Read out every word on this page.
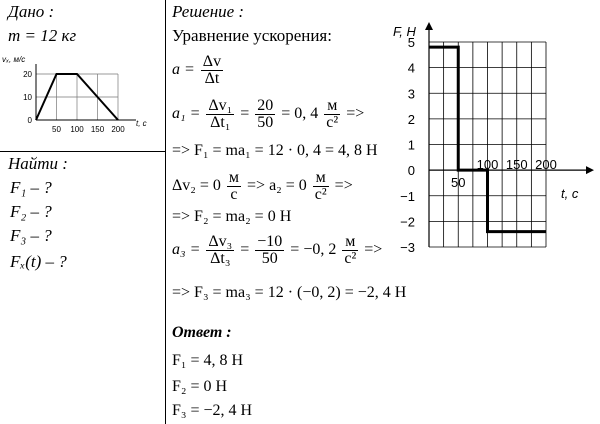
Дано :
m = 12 кг
50 100 150 200
0
10
20
vₓ, м/с
t, с
Найти :
F₁ – ?
F₂ – ?
F₃ – ?
Fₓ(t) – ?
Решение :
Уравнение ускорения:
$a = \frac{\Delta v}{\Delta t}$
$a_1 = \frac{\text{Δv₁}}{\text{Δt₁}} = \frac{20}{50} = 0$, $4 \frac{м}{\text{с²}}$ =>
=> F₁ = ma₁ = 12 · 0, 4 = 4, 8 Н
$\Delta v_2 = 0 \frac{м}{с} => a_2 = 0 \frac{м}{\text{с²}}$ =>
=> F₂ = ma₂ = 0 Н
$a_3 = \frac{\text{Δv₃}}{\text{Δt₃}} = \frac{-10}{50} = -0$, $2 \frac{м}{\text{с²}}$ =>
=> F₃ = ma₃ = 12 · (−0, 2) = −2, 4 Н
Ответ :
F₁ = 4, 8 Н
F₂ = 0 Н
F₃ = −2, 4 Н
−3
−2
−1
0
1
2
3
4
5
50
100 150 200
F, Н
t, с
